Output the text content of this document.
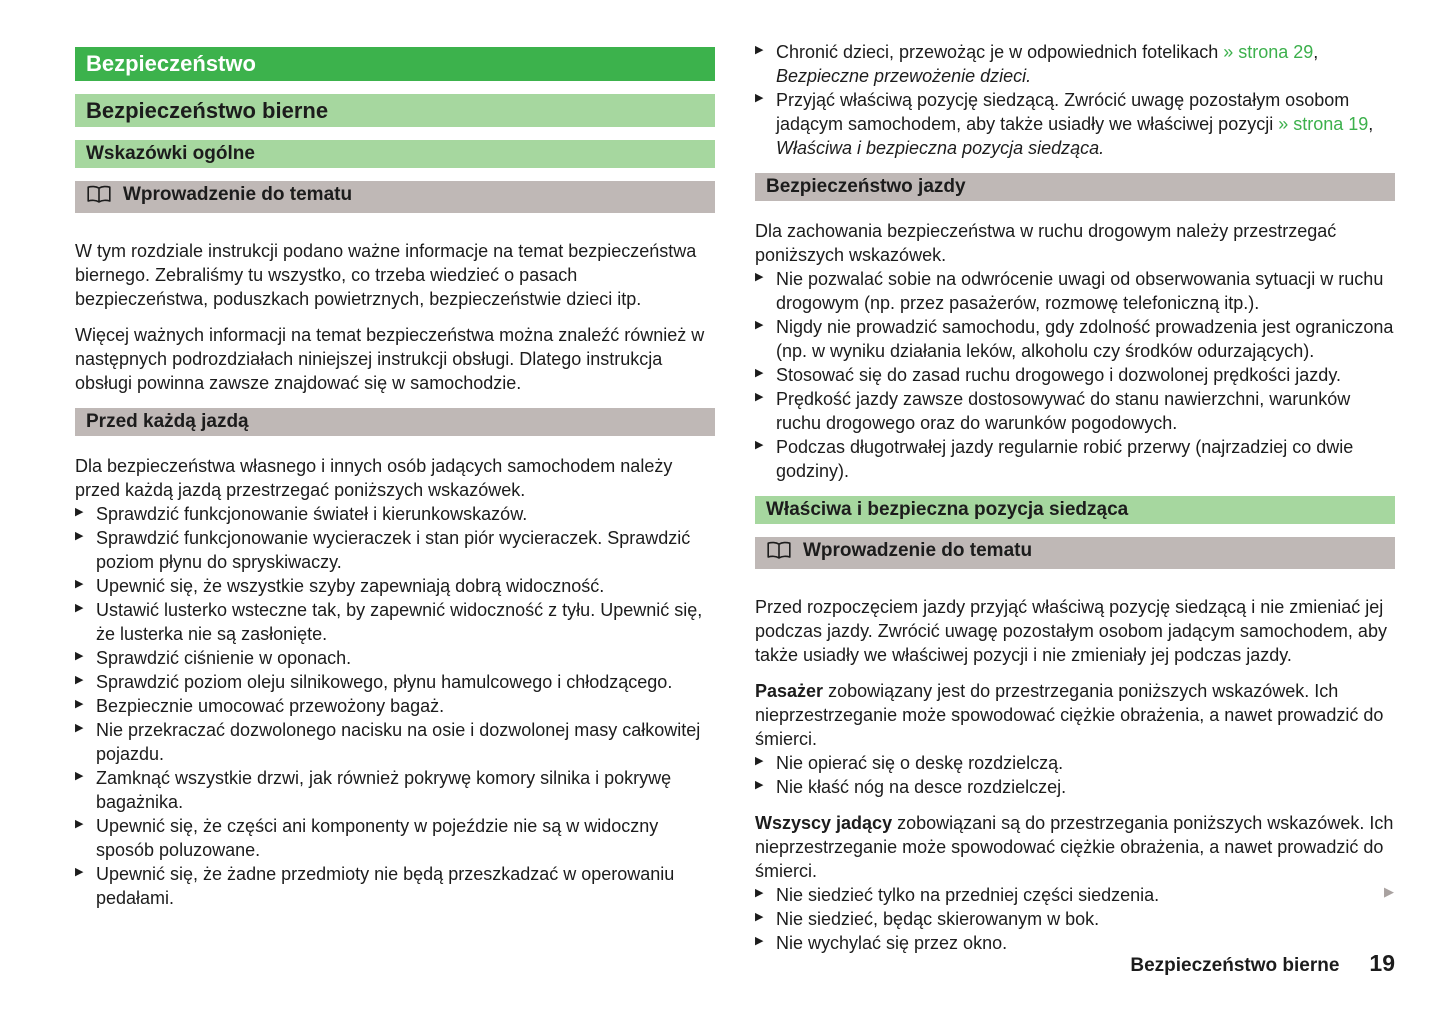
Bezpieczeństwo
Bezpieczeństwo bierne
Wskazówki ogólne
Wprowadzenie do tematu
W tym rozdziale instrukcji podano ważne informacje na temat bezpieczeństwa biernego. Zebraliśmy tu wszystko, co trzeba wiedzieć o pasach bezpieczeństwa, poduszkach powietrznych, bezpieczeństwie dzieci itp.
Więcej ważnych informacji na temat bezpieczeństwa można znaleźć również w następnych podrozdziałach niniejszej instrukcji obsługi. Dlatego instrukcja obsługi powinna zawsze znajdować się w samochodzie.
Przed każdą jazdą
Dla bezpieczeństwa własnego i innych osób jadących samochodem należy przed każdą jazdą przestrzegać poniższych wskazówek.
▶ Sprawdzić funkcjonowanie świateł i kierunkowskazów.
▶ Sprawdzić funkcjonowanie wycieraczek i stan piór wycieraczek. Sprawdzić poziom płynu do spryskiwaczy.
▶ Upewnić się, że wszystkie szyby zapewniają dobrą widoczność.
▶ Ustawić lusterko wsteczne tak, by zapewnić widoczność z tyłu. Upewnić się, że lusterka nie są zasłonięte.
▶ Sprawdzić ciśnienie w oponach.
▶ Sprawdzić poziom oleju silnikowego, płynu hamulcowego i chłodzącego.
▶ Bezpiecznie umocować przewożony bagaż.
▶ Nie przekraczać dozwolonego nacisku na osie i dozwolonej masy całkowitej pojazdu.
▶ Zamknąć wszystkie drzwi, jak również pokrywę komory silnika i pokrywę bagażnika.
▶ Upewnić się, że części ani komponenty w pojeździe nie są w widoczny sposób poluzowane.
▶ Upewnić się, że żadne przedmioty nie będą przeszkadzać w operowaniu pedałami.
▶ Chronić dzieci, przewożąc je w odpowiednich fotelikach » strona 29, Bezpieczne przewożenie dzieci.
▶ Przyjąć właściwą pozycję siedzącą. Zwrócić uwagę pozostałym osobom jadącym samochodem, aby także usiadły we właściwej pozycji » strona 19, Właściwa i bezpieczna pozycja siedząca.
Bezpieczeństwo jazdy
Dla zachowania bezpieczeństwa w ruchu drogowym należy przestrzegać poniższych wskazówek.
▶ Nie pozwalać sobie na odwrócenie uwagi od obserwowania sytuacji w ruchu drogowym (np. przez pasażerów, rozmowę telefoniczną itp.).
▶ Nigdy nie prowadzić samochodu, gdy zdolność prowadzenia jest ograniczona (np. w wyniku działania leków, alkoholu czy środków odurzających).
▶ Stosować się do zasad ruchu drogowego i dozwolonej prędkości jazdy.
▶ Prędkość jazdy zawsze dostosowywać do stanu nawierzchni, warunków ruchu drogowego oraz do warunków pogodowych.
▶ Podczas długotrwałej jazdy regularnie robić przerwy (najrzadziej co dwie godziny).
Właściwa i bezpieczna pozycja siedząca
Wprowadzenie do tematu
Przed rozpoczęciem jazdy przyjąć właściwą pozycję siedzącą i nie zmieniać jej podczas jazdy. Zwrócić uwagę pozostałym osobom jadącym samochodem, aby także usiadły we właściwej pozycji i nie zmieniały jej podczas jazdy.
Pasażer zobowiązany jest do przestrzegania poniższych wskazówek. Ich nieprzestrzeganie może spowodować ciężkie obrażenia, a nawet prowadzić do śmierci.
▶ Nie opierać się o deskę rozdzielczą.
▶ Nie kłaść nóg na desce rozdzielczej.
Wszyscy jadący zobowiązani są do przestrzegania poniższych wskazówek. Ich nieprzestrzeganie może spowodować ciężkie obrażenia, a nawet prowadzić do śmierci.
▶ Nie siedzieć tylko na przedniej części siedzenia.
▶ Nie siedzieć, będąc skierowanym w bok.
▶ Nie wychylać się przez okno.
▶
Bezpieczeństwo bierne 19
